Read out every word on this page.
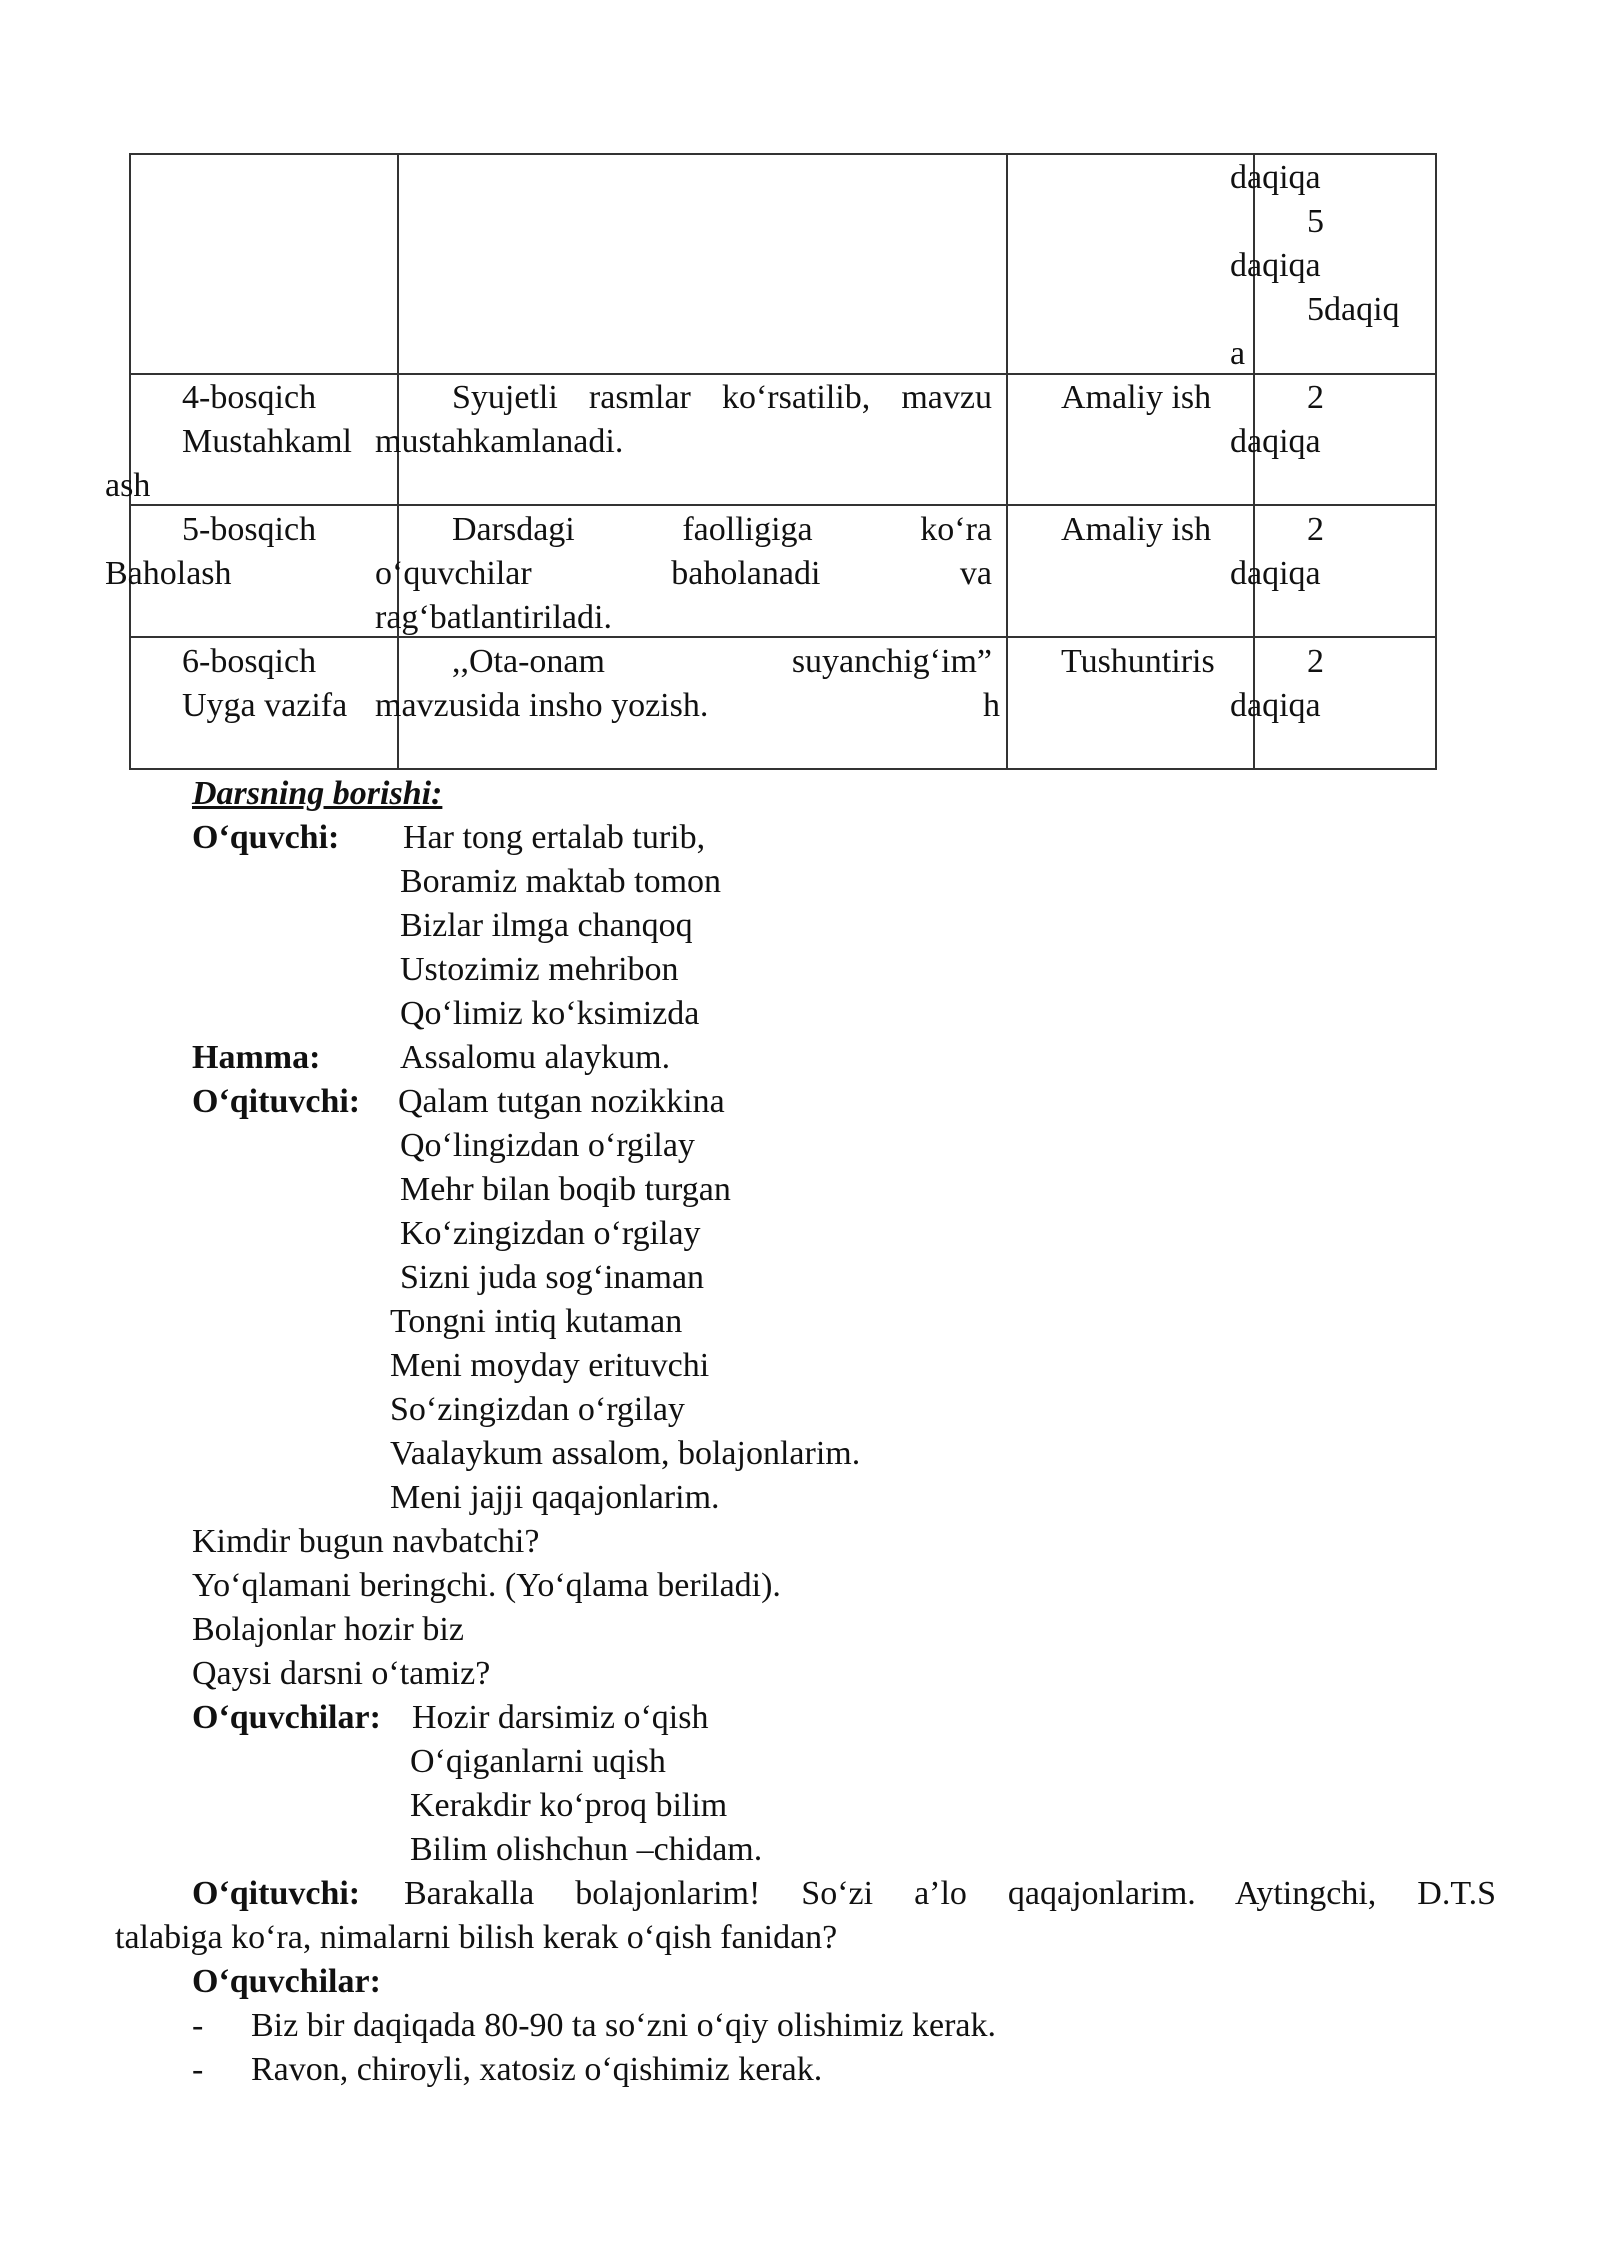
daqiqa
5
daqiqa
5daqiq
a
4-bosqich
Mustahkaml
ash
Syujetli rasmlar ko‘rsatilib, mavzu
mustahkamlanadi.
Amaliy ish	2
daqiqa
5-bosqich
Baholash
Darsdagi faolligiga ko‘ra
o‘quvchilar baholanadi va
rag‘batlantiriladi.
Amaliy ish	2
daqiqa
6-bosqich
Uyga vazifa
,,Ota-onam suyanchig‘im”
mavzusida insho yozish.
Tushuntiris
h
2
daqiqa
Darsning borishi:
O‘quvchi: Har tong ertalab turib,
Boramiz maktab tomon
Bizlar ilmga chanqoq
Ustozimiz mehribon
Qo‘limiz ko‘ksimizda
Hamma: Assalomu alaykum.
O‘qituvchi: Qalam tutgan nozikkina
Qo‘lingizdan o‘rgilay
Mehr bilan boqib turgan
Ko‘zingizdan o‘rgilay
Sizni juda sog‘inaman
Tongni intiq kutaman
Meni moyday erituvchi
So‘zingizdan o‘rgilay
Vaalaykum assalom, bolajonlarim.
Meni jajji qaqajonlarim.
Kimdir bugun navbatchi?
Yo‘qlamani beringchi. (Yo‘qlama beriladi).
Bolajonlar hozir biz
Qaysi darsni o‘tamiz?
O‘quvchilar: Hozir darsimiz o‘qish
O‘qiganlarni uqish
Kerakdir ko‘proq bilim
Bilim olishchun –chidam.
O‘qituvchi: Barakalla bolajonlarim! So‘zi a’lo qaqajonlarim. Aytingchi, D.T.S
talabiga ko‘ra, nimalarni bilish kerak o‘qish fanidan?
O‘quvchilar:
- Biz bir daqiqada 80-90 ta so‘zni o‘qiy olishimiz kerak.
- Ravon, chiroyli, xatosiz o‘qishimiz kerak.
